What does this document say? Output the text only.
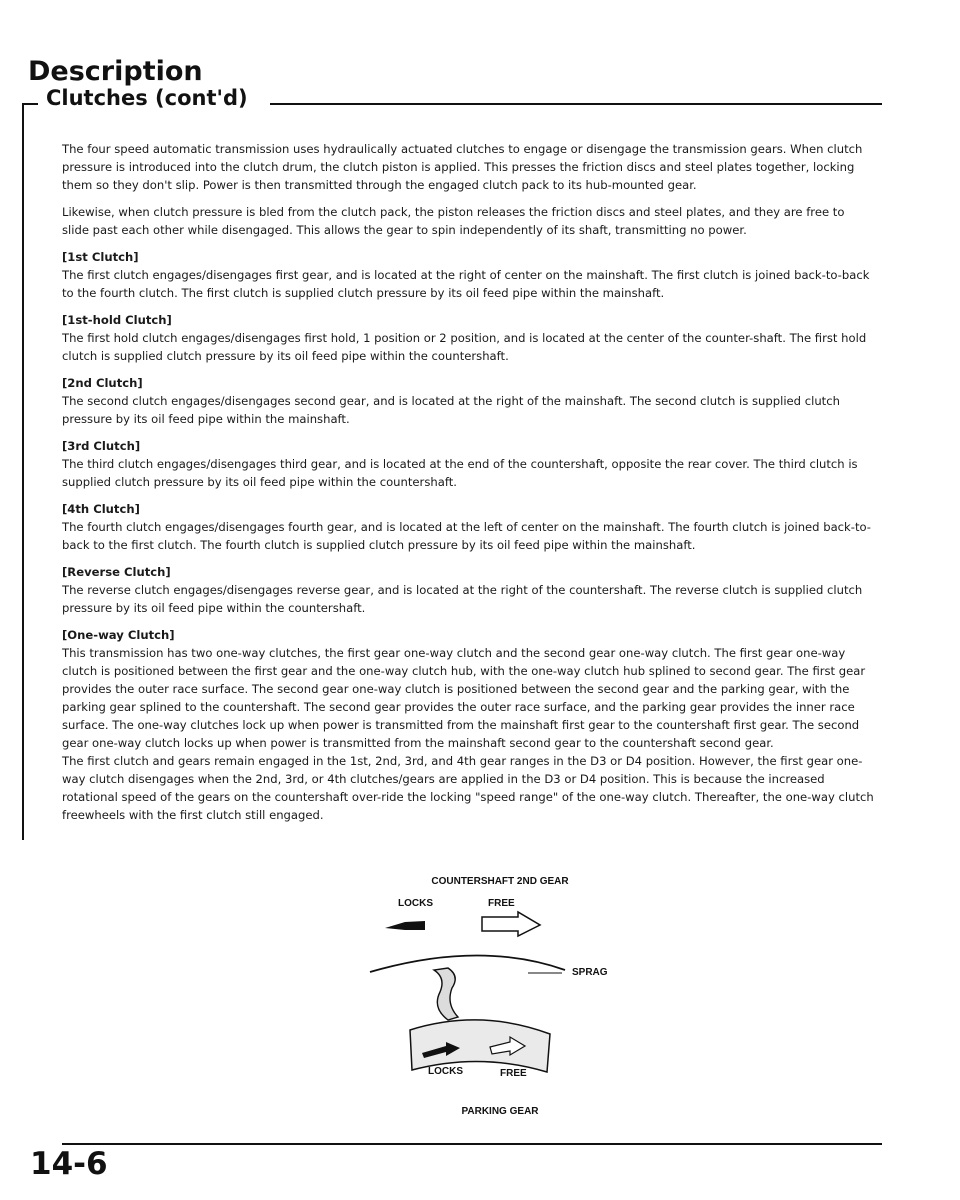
Description
Clutches (cont'd)

The four speed automatic transmission uses hydraulically actuated clutches to engage or disengage the transmission gears. When clutch pressure is introduced into the clutch drum, the clutch piston is applied. This presses the friction discs and steel plates together, locking them so they don't slip. Power is then transmitted through the engaged clutch pack to its hub-mounted gear.

Likewise, when clutch pressure is bled from the clutch pack, the piston releases the friction discs and steel plates, and they are free to slide past each other while disengaged. This allows the gear to spin independently of its shaft, transmitting no power.

[1st Clutch]
The first clutch engages/disengages first gear, and is located at the right of center on the mainshaft. The first clutch is joined back-to-back to the fourth clutch. The first clutch is supplied clutch pressure by its oil feed pipe within the mainshaft.

[1st-hold Clutch]
The first hold clutch engages/disengages first hold, 1 position or 2 position, and is located at the center of the counter-shaft. The first hold clutch is supplied clutch pressure by its oil feed pipe within the countershaft.

[2nd Clutch]
The second clutch engages/disengages second gear, and is located at the right of the mainshaft. The second clutch is supplied clutch pressure by its oil feed pipe within the mainshaft.

[3rd Clutch]
The third clutch engages/disengages third gear, and is located at the end of the countershaft, opposite the rear cover. The third clutch is supplied clutch pressure by its oil feed pipe within the countershaft.

[4th Clutch]
The fourth clutch engages/disengages fourth gear, and is located at the left of center on the mainshaft. The fourth clutch is joined back-to-back to the first clutch. The fourth clutch is supplied clutch pressure by its oil feed pipe within the mainshaft.

[Reverse Clutch]
The reverse clutch engages/disengages reverse gear, and is located at the right of the countershaft. The reverse clutch is supplied clutch pressure by its oil feed pipe within the countershaft.

[One-way Clutch]
This transmission has two one-way clutches, the first gear one-way clutch and the second gear one-way clutch. The first gear one-way clutch is positioned between the first gear and the one-way clutch hub, with the one-way clutch hub splined to second gear. The first gear provides the outer race surface. The second gear one-way clutch is positioned between the second gear and the parking gear, with the parking gear splined to the countershaft. The second gear provides the outer race surface, and the parking gear provides the inner race surface. The one-way clutches lock up when power is transmitted from the mainshaft first gear to the countershaft first gear. The second gear one-way clutch locks up when power is transmitted from the mainshaft second gear to the countershaft second gear.
The first clutch and gears remain engaged in the 1st, 2nd, 3rd, and 4th gear ranges in the D3 or D4 position. However, the first gear one-way clutch disengages when the 2nd, 3rd, or 4th clutches/gears are applied in the D3 or D4 position. This is because the increased rotational speed of the gears on the countershaft over-ride the locking "speed range" of the one-way clutch. Thereafter, the one-way clutch freewheels with the first clutch still engaged.

COUNTERSHAFT 2ND GEAR
LOCKS	FREE
SPRAG
LOCKS	FREE
PARKING GEAR
14-6
